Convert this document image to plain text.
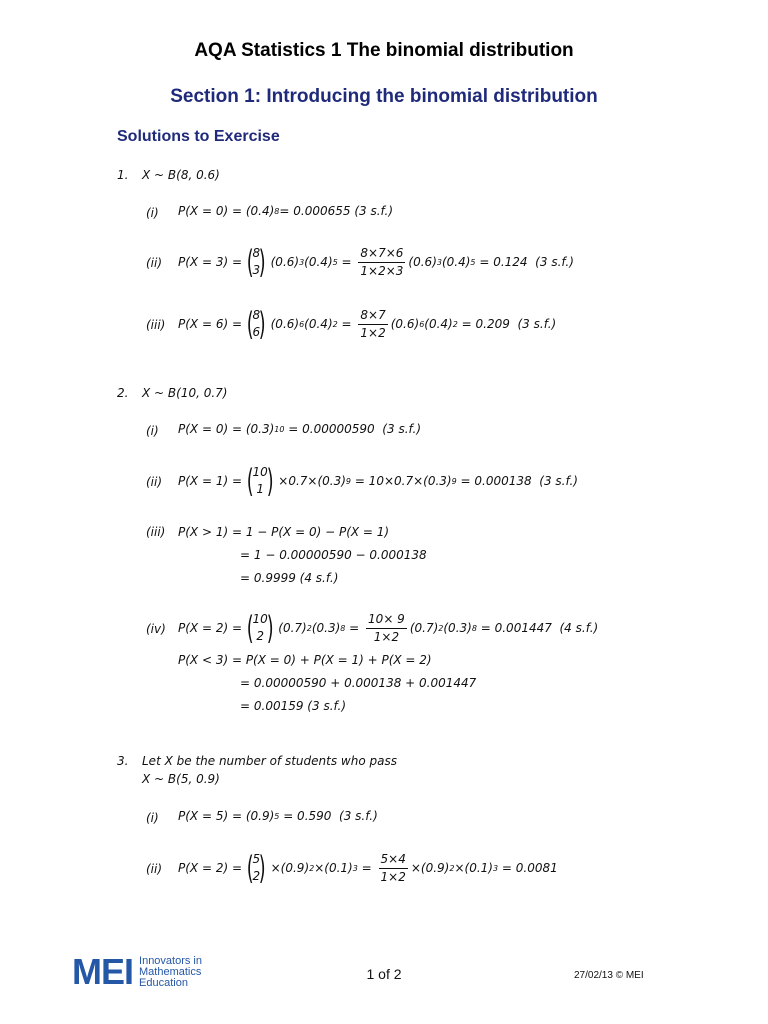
AQA Statistics 1 The binomial distribution
Section 1: Introducing the binomial distribution
Solutions to Exercise
1. X ~ B(8, 0.6)
(i) P(X = 0) = (0.4) 8 = 0.000655 (3 s.f.)
(ii) P(X = 3) = (
8
3
) (0.6) 3 (0.4) $5 = \frac{8\times 7\times 6}{1\times 2\times 3} (0.6)$ 3 (0.4) 5 = 0.124  (3 s.f.)
(iii) P(X = 6) = (
8
6
) (0.6) 6 (0.4) $2 = \frac{8\times 7}{1\times 2} (0.6)$ 6 (0.4) 2 = 0.209  (3 s.f.)
2. X ~ B(10, 0.7)
(i) P(X = 0) = (0.3) 10 = 0.00000590  (3 s.f.)
(ii) P(X = 1) = (
10
1 ) ×0.7×(0.3) 9 = 10×0.7×(0.3) 9 = 0.000138  (3 s.f.)
(iii) P(X > 1) = 1 − P(X = 0) − P(X = 1)
= 1 − 0.00000590 − 0.000138
= 0.9999 (4 s.f.)
(iv) P(X = 2) = (
10
2 ) (0.7) 2 (0.3) $8 = \frac{10\times 9}{1\times 2} (0.7)$ 2 (0.3) 8 = 0.001447  (4 s.f.)
P(X < 3) = P(X = 0) + P(X = 1) + P(X = 2)
= 0.00000590 + 0.000138 + 0.001447
= 0.00159 (3 s.f.)
3. Let X be the number of students who pass
X ~ B(5, 0.9)
(i) P(X = 5) = (0.9) 5 = 0.590  (3 s.f.)
(ii) P(X = 2) = (
5
2
) ×(0.9) 2 ×(0.1) $3 = \frac{5\times 4}{1\times 2} \times(0.9)$ 2 ×(0.1) 3 = 0.0081
MEI Innovators in
Mathematics
Education
1 of 2	27/02/13 © MEI
